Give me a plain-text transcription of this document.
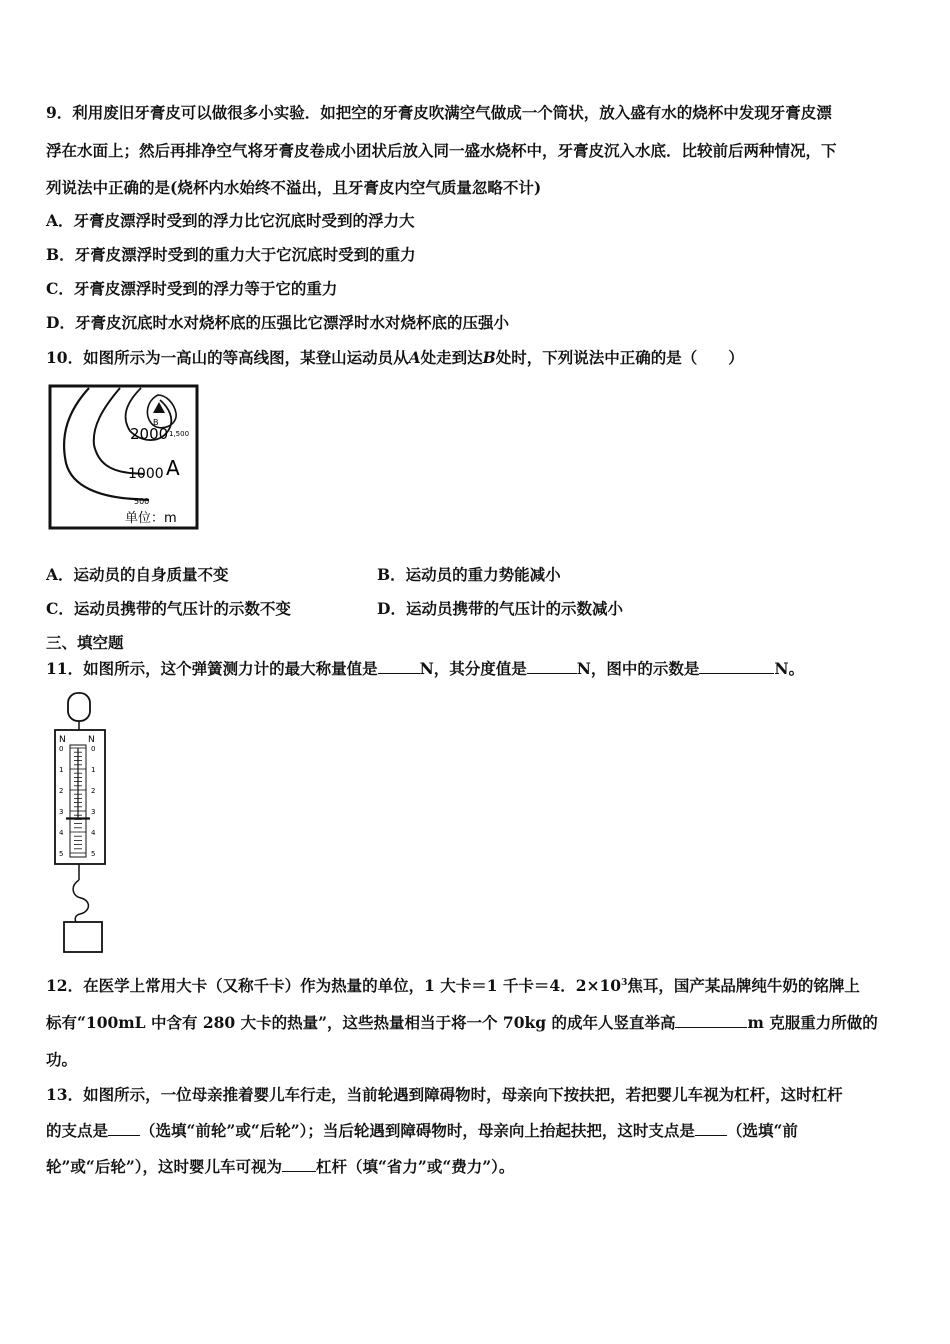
9．利用废旧牙膏皮可以做很多小实验．如把空的牙膏皮吹满空气做成一个筒状，放入盛有水的烧杯中发现牙膏皮漂
浮在水面上；然后再排净空气将牙膏皮卷成小团状后放入同一盛水烧杯中，牙膏皮沉入水底．比较前后两种情况，下
列说法中正确的是(烧杯内水始终不溢出，且牙膏皮内空气质量忽略不计)
A．牙膏皮漂浮时受到的浮力比它沉底时受到的浮力大
B．牙膏皮漂浮时受到的重力大于它沉底时受到的重力
C．牙膏皮漂浮时受到的浮力等于它的重力
D．牙膏皮沉底时水对烧杯底的压强比它漂浮时水对烧杯底的压强小
10．如图所示为一高山的等高线图，某登山运动员从A处走到达B处时，下列说法中正确的是（　　）
2000 1,500
1000
500
A
B
单位：m
A．运动员的自身质量不变	B．运动员的重力势能减小
C．运动员携带的气压计的示数不变	D．运动员携带的气压计的示数减小
三、填空题
11．如图所示，这个弹簧测力计的最大称量值是	N，其分度值是	N，图中的示数是	N。
N N
0
1
2
3
4
5
0
1
2
3
4
5
12．在医学上常用大卡（又称千卡）作为热量的单位，1 大卡＝1 千卡＝4．$2\times 10^3$焦耳，国产某品牌纯牛奶的铭牌上
标有“100mL 中含有 280 大卡的热量”，这些热量相当于将一个 70kg 的成年人竖直举高	m 克服重力所做的
功。
13．如图所示，一位母亲推着婴儿车行走，当前轮遇到障碍物时，母亲向下按扶把，若把婴儿车视为杠杆，这时杠杆
的支点是 （选填“前轮”或“后轮”）；当后轮遇到障碍物时，母亲向上抬起扶把，这时支点是 （选填“前
轮”或“后轮”），这时婴儿车可视为 杠杆（填“省力”或“费力”）。
